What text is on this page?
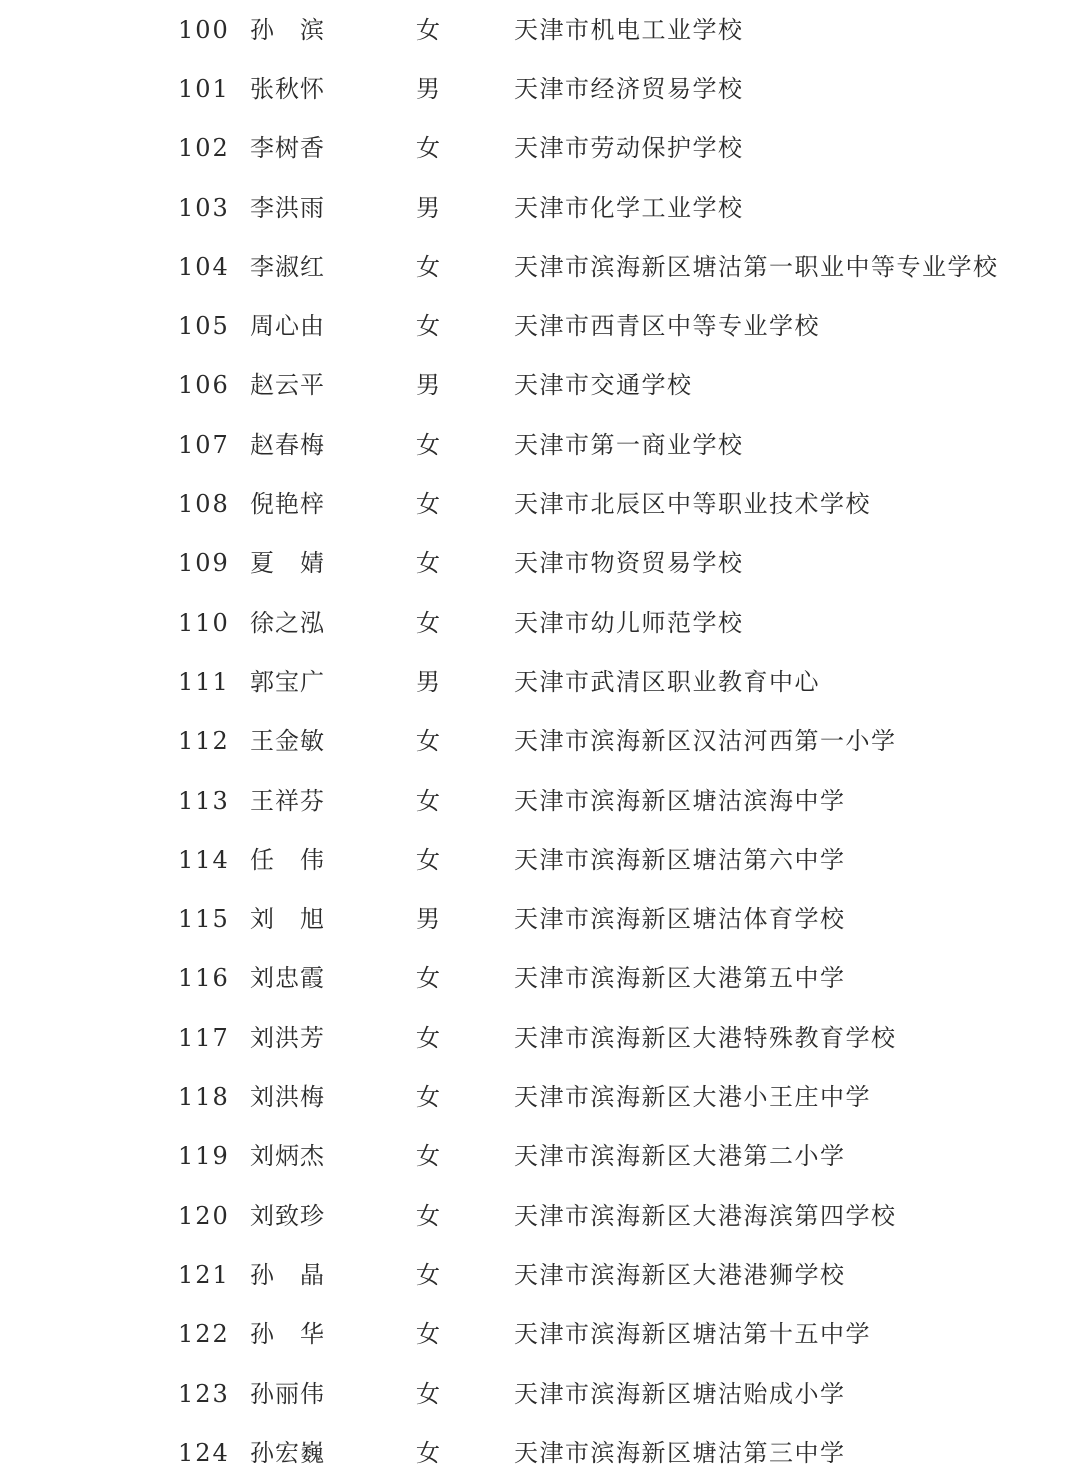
100 孙　滨	女	天津市机电工业学校
101 张秋怀	男	天津市经济贸易学校
102 李树香	女	天津市劳动保护学校
103 李洪雨	男	天津市化学工业学校
104 李淑红	女	天津市滨海新区塘沽第一职业中等专业学校
105 周心由	女	天津市西青区中等专业学校
106 赵云平	男	天津市交通学校
107 赵春梅	女	天津市第一商业学校
108 倪艳梓	女	天津市北辰区中等职业技术学校
109 夏　婧	女	天津市物资贸易学校
110 徐之泓	女	天津市幼儿师范学校
111 郭宝广	男	天津市武清区职业教育中心
112 王金敏	女	天津市滨海新区汉沽河西第一小学
113 王祥芬	女	天津市滨海新区塘沽滨海中学
114 任　伟	女	天津市滨海新区塘沽第六中学
115 刘　旭	男	天津市滨海新区塘沽体育学校
116 刘忠霞	女	天津市滨海新区大港第五中学
117 刘洪芳	女	天津市滨海新区大港特殊教育学校
118 刘洪梅	女	天津市滨海新区大港小王庄中学
119 刘炳杰	女	天津市滨海新区大港第二小学
120 刘致珍	女	天津市滨海新区大港海滨第四学校
121 孙　晶	女	天津市滨海新区大港港狮学校
122 孙　华	女	天津市滨海新区塘沽第十五中学
123 孙丽伟	女	天津市滨海新区塘沽贻成小学
124 孙宏巍	女	天津市滨海新区塘沽第三中学
